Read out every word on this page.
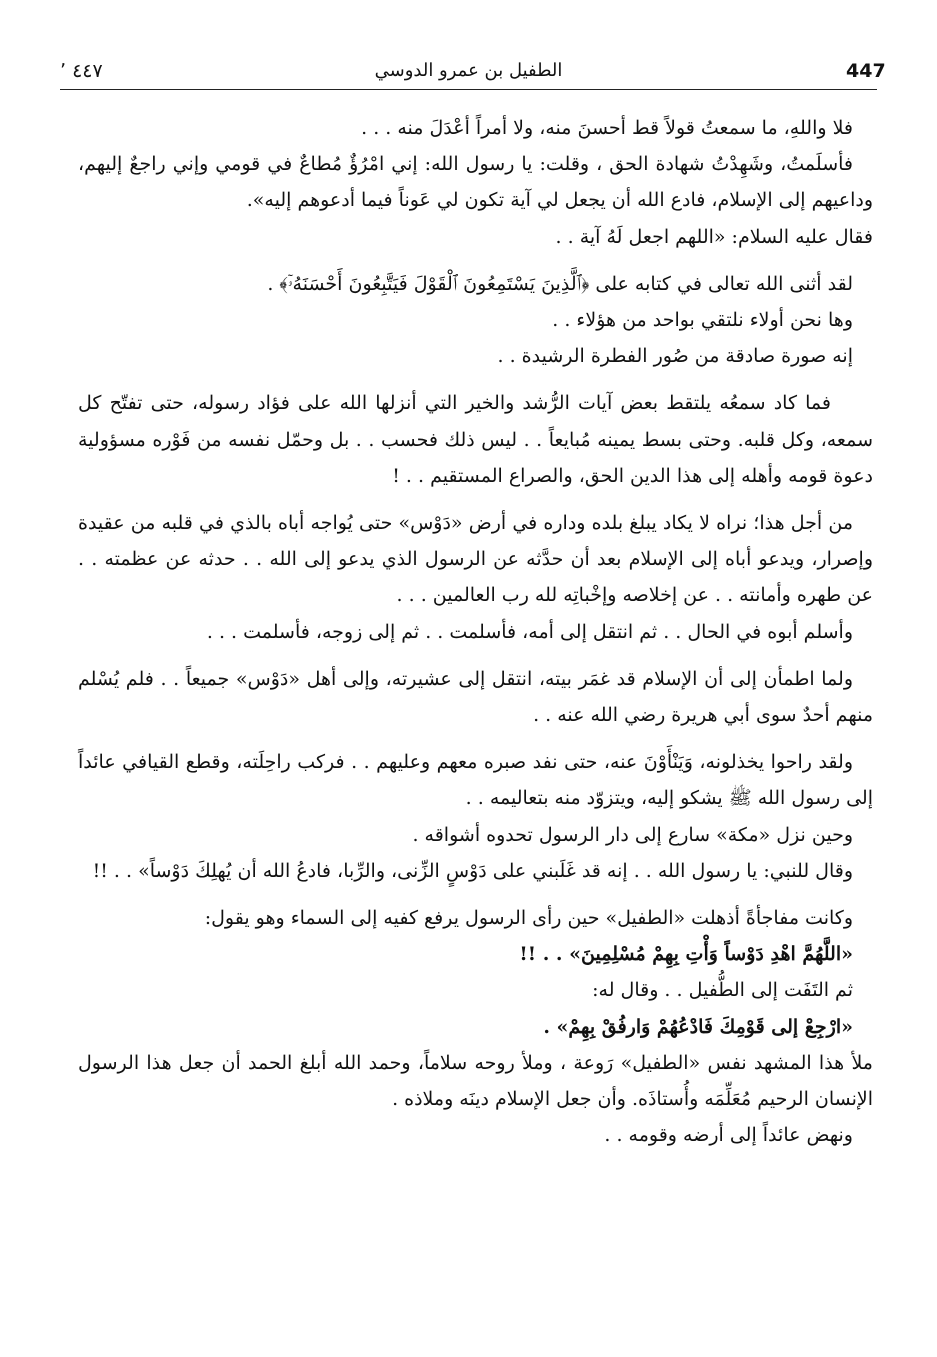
447
الطفيل بن عمرو الدوسي
٤٤٧ ٬

فلا واللهِ، ما سمعتُ قولاً قط أحسنَ منه، ولا أمراً أعْدَلَ منه . . .

فأسلَمتُ، وشَهِدْتُ شهادة الحق ، وقلت: يا رسول الله: إني امْرُؤٌ مُطاعٌ في قومي وإني راجعٌ إليهم، وداعيهم إلى الإسلام، فادع الله أن يجعل لي آية تكون لي عَوناً فيما أدعوهم إليه».

فقال عليه السلام: «اللهم اجعل لَهُ آية . .

لقد أثنى الله تعالى في كتابه على ﴿ٱلَّذِينَ يَسْتَمِعُونَ ٱلْقَوْلَ فَيَتَّبِعُونَ أَحْسَنَهُۥٓ﴾ .

وها نحن أولاء نلتقي بواحد من هؤلاء . .

إنه صورة صادقة من صُور الفطرة الرشيدة . .

فما كاد سمعُه يلتقط بعض آيات الرُّشد والخير التي أنزلها الله على فؤاد رسوله، حتى تفتّح كل سمعه، وكل قلبه. وحتى بسط يمينه مُبايعاً . . ليس ذلك فحسب . . بل وحمّل نفسه من فَوْره مسؤولية دعوة قومه وأهله إلى هذا الدين الحق، والصراع المستقيم . . !

من أجل هذا؛ نراه لا يكاد يبلغ بلده وداره في أرض «دَوْس» حتى يُواجه أباه بالذي في قلبه من عقيدة وإصرار، ويدعو أباه إلى الإسلام بعد أن حدَّثه عن الرسول الذي يدعو إلى الله . . حدثه عن عظمته . . عن طهره وأمانته . . عن إخلاصه وإخْباتِه لله رب العالمين . . .

وأسلم أبوه في الحال . . ثم انتقل إلى أمه، فأسلمت . . ثم إلى زوجه، فأسلمت . . .

ولما اطمأن إلى أن الإسلام قد غمَر بيته، انتقل إلى عشيرته، وإلى أهل «دَوْس» جميعاً . . فلم يُسْلم منهم أحدٌ سوى أبي هريرة رضي الله عنه . .

ولقد راحوا يخذلونه، وَيَنْأَوْنَ عنه، حتى نفد صبره معهم وعليهم . . فركب راحِلَته، وقطع القيافي عائداً إلى رسول الله ﷺ يشكو إليه، ويتزوّد منه بتعاليمه . .

وحين نزل «مكة» سارع إلى دار الرسول تحدوه أشواقه .

وقال للنبي: يا رسول الله . . إنه قد غَلَبني على دَوْسٍ الزِّنى، والرِّبا، فادعُ الله أن يُهلِكَ دَوْساً» . . !!

وكانت مفاجأةً أذهلت «الطفيل» حين رأى الرسول يرفع كفيه إلى السماء وهو يقول:

«اللَّهُمَّ اهْدِ دَوْساً وَأْتِ بِهِمْ مُسْلِمِينَ» . . !!

ثم التَفَت إلى الطُّفيل . . وقال له:

«ارْجِعْ إلى قَوْمِكَ فَادْعُهُمْ وَارفُقْ بِهِمْ» .

ملأ هذا المشهد نفس «الطفيل» رَوعة ، وملأ روحه سلاماً، وحمد الله أبلغ الحمد أن جعل هذا الرسول الإنسان الرحيم مُعَلِّمَه وأُستاذَه. وأن جعل الإسلام دينَه وملاذه .

ونهض عائداً إلى أرضه وقومه . .
